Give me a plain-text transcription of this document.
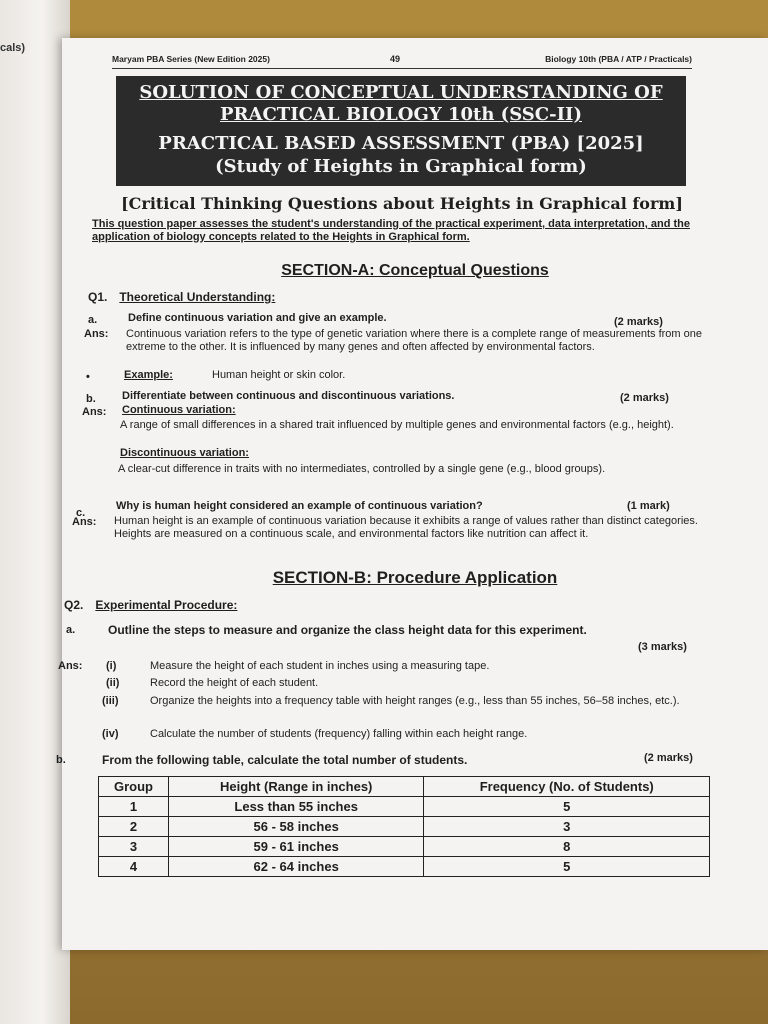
cals)
Maryam PBA Series (New Edition 2025)	49	Biology 10th (PBA / ATP / Practicals)
SOLUTION OF CONCEPTUAL UNDERSTANDING OF
PRACTICAL BIOLOGY 10th (SSC-II)
PRACTICAL BASED ASSESSMENT (PBA) [2025]
(Study of Heights in Graphical form)
[Critical Thinking Questions about Heights in Graphical form]
This question paper assesses the student's understanding of the practical experiment, data interpretation, and the application of biology concepts related to the Heights in Graphical form.
SECTION-A: Conceptual Questions
Q1. Theoretical Understanding:
a.	Define continuous variation and give an example.	(2 marks)
Ans: Continuous variation refers to the type of genetic variation where there is a complete range of measurements from one extreme to the other. It is influenced by many genes and often affected by environmental factors.
•	Example:	Human height or skin color.
b. Differentiate between continuous and discontinuous variations.	(2 marks)
Ans: Continuous variation:
A range of small differences in a shared trait influenced by multiple genes and environmental factors (e.g., height).
Discontinuous variation:
A clear-cut difference in traits with no intermediates, controlled by a single gene (e.g., blood groups).
c.
Why is human height considered an example of continuous variation?	(1 mark)
Ans: Human height is an example of continuous variation because it exhibits a range of values rather than distinct categories. Heights are measured on a continuous scale, and environmental factors like nutrition can affect it.
SECTION-B: Procedure Application
Q2. Experimental Procedure:
a.	Outline the steps to measure and organize the class height data for this experiment.
(3 marks)
Ans: (i)	Measure the height of each student in inches using a measuring tape.
(ii)	Record the height of each student.
(iii)	Organize the heights into a frequency table with height ranges (e.g., less than 55 inches, 56–58 inches, etc.).
(iv)	Calculate the number of students (frequency) falling within each height range.
b.	From the following table, calculate the total number of students.	(2 marks)
Group	Height (Range in inches)	Frequency (No. of Students)
1	Less than 55 inches	5
2	56 - 58 inches	3
3	59 - 61 inches	8
4	62 - 64 inches	5
